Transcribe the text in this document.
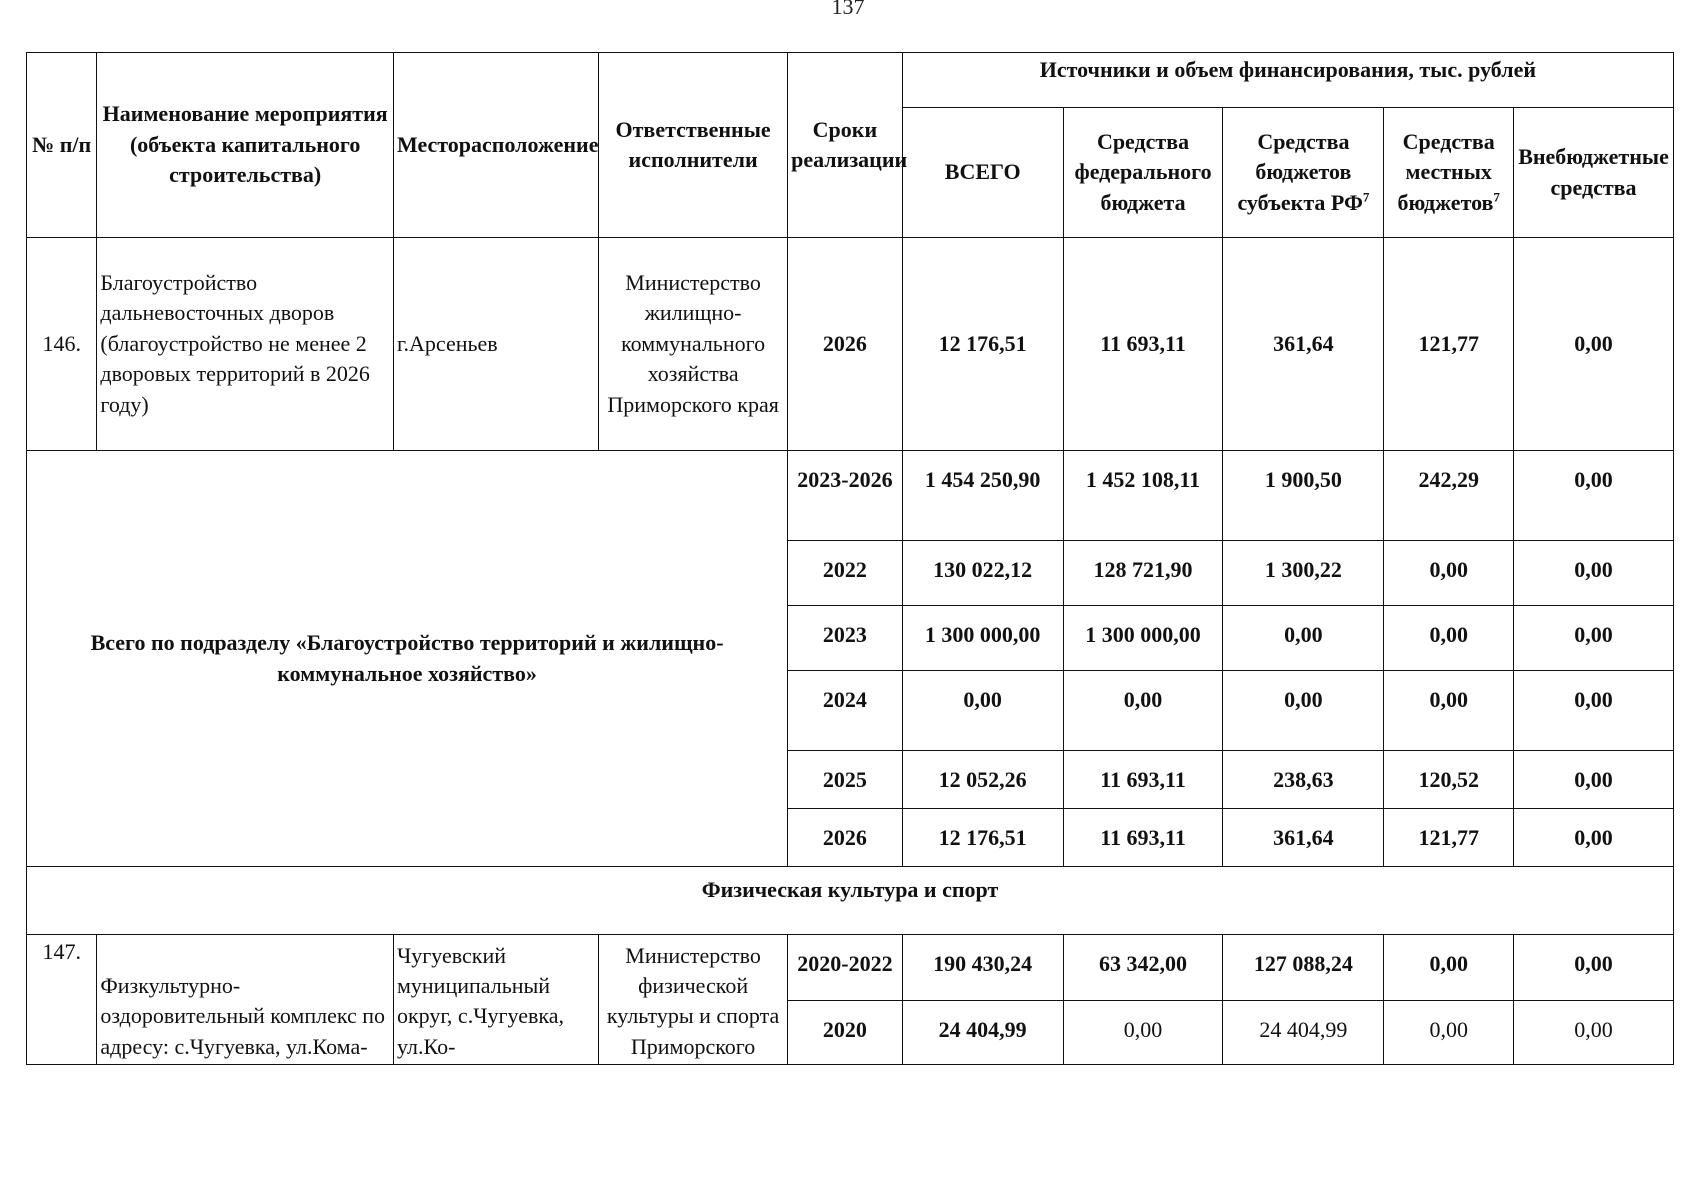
137
№ п/п	Наименование мероприятия (объекта капитального строительства)	Месторасположение	Ответственные исполнители	Сроки реализации	Источники и объем финансирования, тыс. рублей				
					ВСЕГО	Средства федерального бюджета	Средства бюджетов субъекта $РФ^7$	Средства местных бюджетов$^7$	Внебюджетные средства
146.	Благоустройство дальневосточных дворов (благоустройство не менее 2 дворовых территорий в 2026 году)	г.Арсеньев	Министерство жилищно-коммунального хозяйства Приморского края	2026	12 176,51	11 693,11	361,64	121,77	0,00
Всего по подразделу «Благоустройство территорий и жилищно-коммунальное хозяйство»				2023-2026	1 454 250,90	1 452 108,11	1 900,50	242,29	0,00
				2022	130 022,12	128 721,90	1 300,22	0,00	0,00
				2023	1 300 000,00	1 300 000,00	0,00	0,00	0,00
				2024	0,00	0,00	0,00	0,00	0,00
				2025	12 052,26	11 693,11	238,63	120,52	0,00
				2026	12 176,51	11 693,11	361,64	121,77	0,00
Физическая культура и спорт									
147.	Физкультурно-оздоровительный комплекс по адресу: с.Чугуевка, ул.Кома-	Чугуевский муниципальный округ, с.Чугуевка, ул.Ко-	Министерство физической культуры и спорта Приморского	2020-2022	190 430,24	63 342,00	127 088,24	0,00	0,00
				2020	24 404,99	0,00	24 404,99	0,00	0,00
